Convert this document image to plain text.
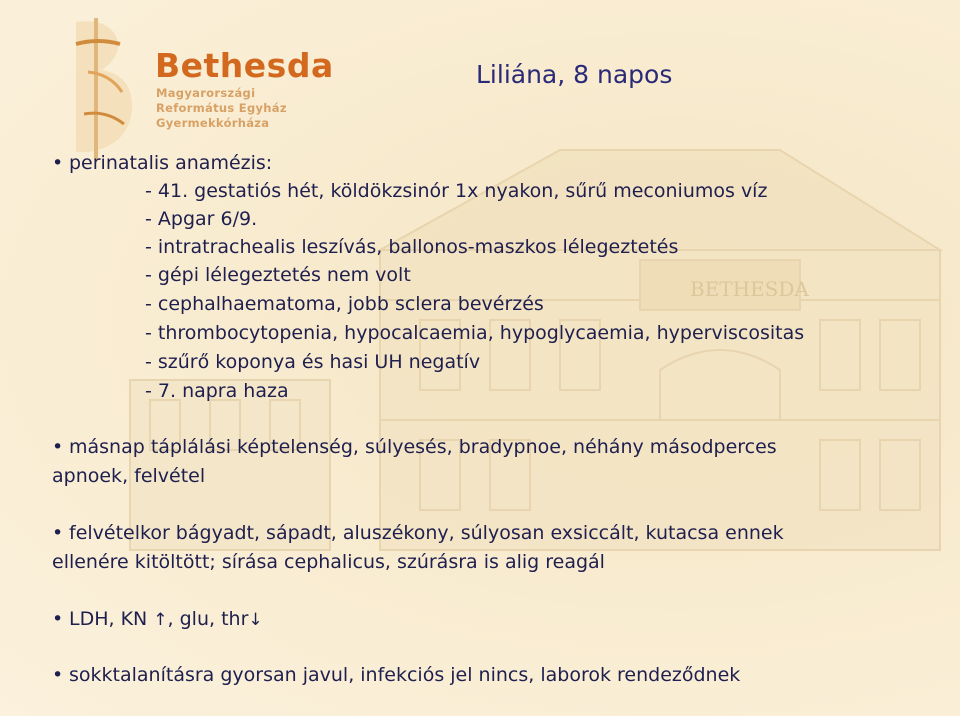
BETHESDA
Bethesda
Magyarországi
Református Egyház
Gyermekkórháza
Liliána, 8 napos
• perinatalis anamézis:
- 41. gestatiós hét, köldökzsinór 1x nyakon, sűrű meconiumos víz
- Apgar 6/9.
- intratrachealis leszívás, ballonos-maszkos lélegeztetés
- gépi lélegeztetés nem volt
- cephalhaematoma, jobb sclera bevérzés
- thrombocytopenia, hypocalcaemia, hypoglycaemia, hyperviscositas
- szűrő koponya és hasi UH negatív
- 7. napra haza
• másnap táplálási képtelenség, súlyesés, bradypnoe, néhány másodperces
apnoek, felvétel
• felvételkor bágyadt, sápadt, aluszékony, súlyosan exsiccált, kutacsa ennek
ellenére kitöltött; sírása cephalicus, szúrásra is alig reagál
• LDH, KN ↑, glu, thr↓
• sokktalanításra gyorsan javul, infekciós jel nincs, laborok rendeződnek
